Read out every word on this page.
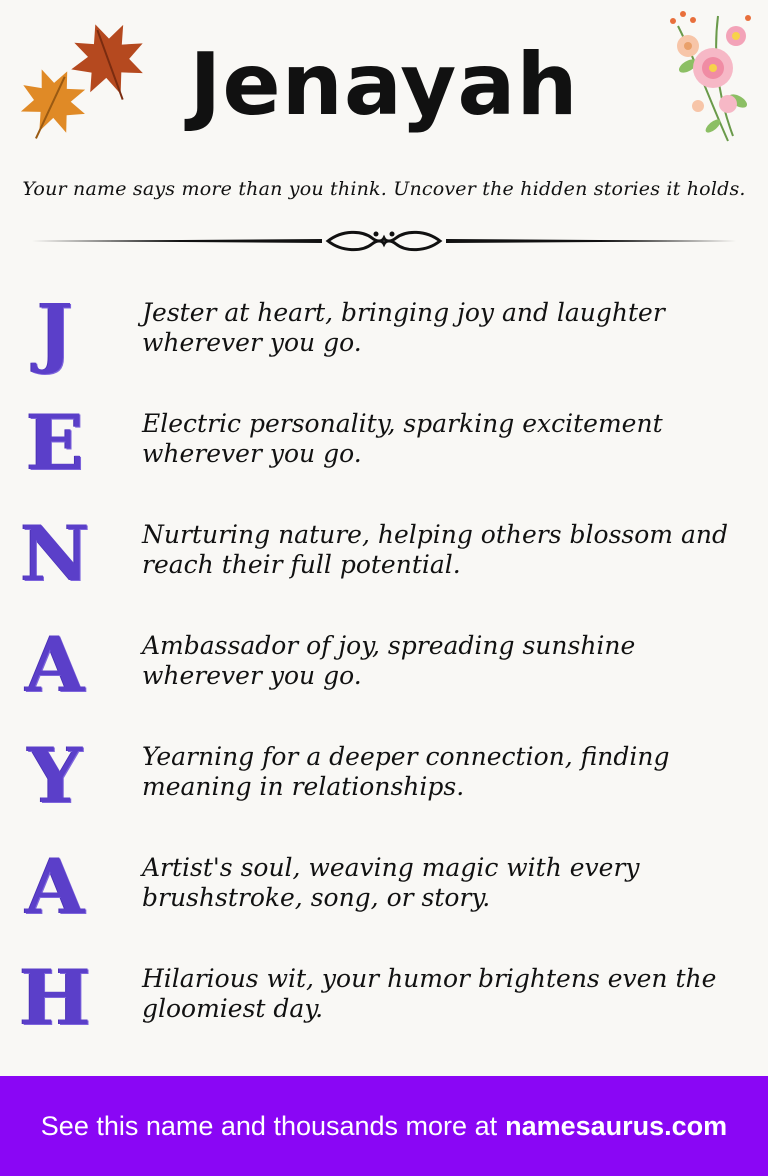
Jenayah
Your name says more than you think. Uncover the hidden stories it holds.
J	Jester at heart, bringing joy and laughter wherever you go.
E	Electric personality, sparking excitement wherever you go.
N Nurturing nature, helping others blossom and reach their full potential.
A	Ambassador of joy, spreading sunshine wherever you go.
Y	Yearning for a deeper connection, finding meaning in relationships.
A	Artist's soul, weaving magic with every brushstroke, song, or story.
H Hilarious wit, your humor brightens even the gloomiest day.
See this name and thousands more at namesaurus.com
